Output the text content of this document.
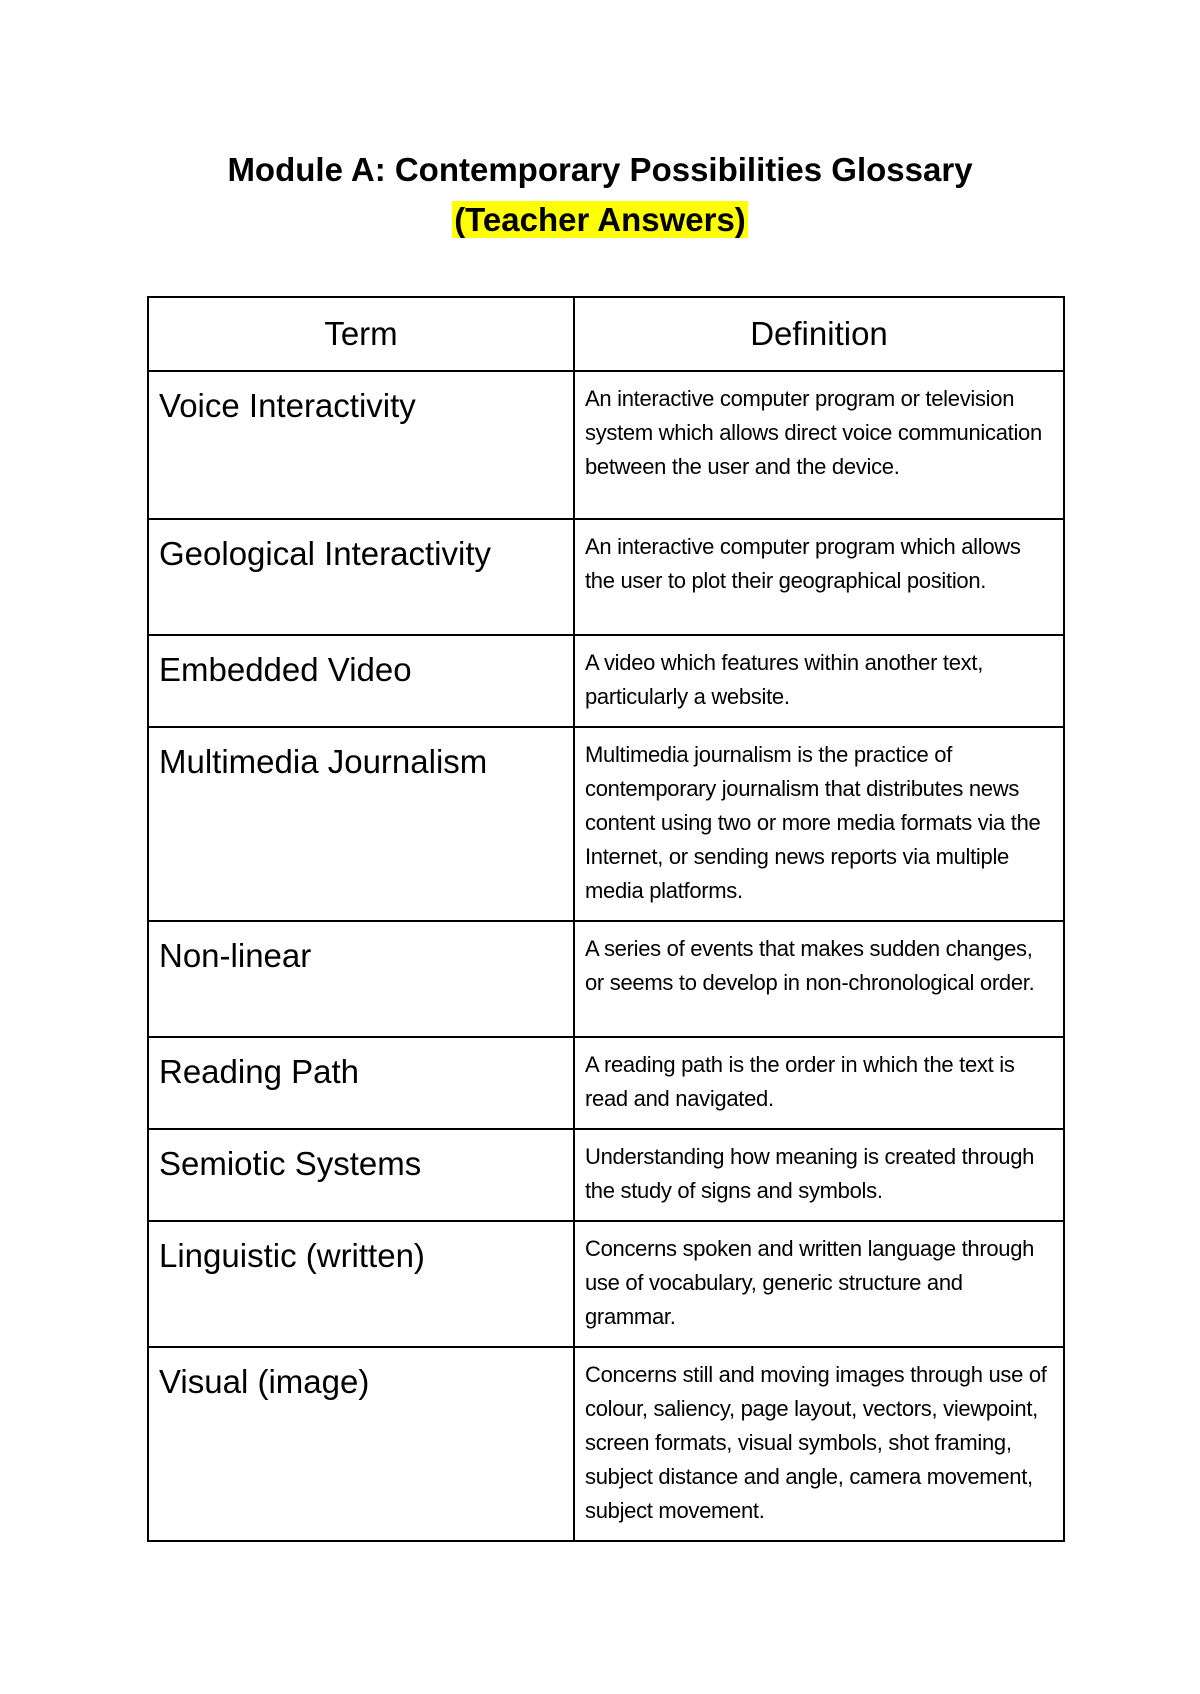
Module A: Contemporary Possibilities Glossary
(Teacher Answers)
Term	Definition
Voice Interactivity	An interactive computer program or television system which allows direct voice communication between the user and the device.
Geological Interactivity	An interactive computer program which allows the user to plot their geographical position.
Embedded Video	A video which features within another text, particularly a website.
Multimedia Journalism	Multimedia journalism is the practice of contemporary journalism that distributes news content using two or more media formats via the Internet, or sending news reports via multiple media platforms.
Non-linear	A series of events that makes sudden changes, or seems to develop in non-chronological order.
Reading Path	A reading path is the order in which the text is read and navigated.
Semiotic Systems	Understanding how meaning is created through the study of signs and symbols.
Linguistic (written)	Concerns spoken and written language through use of vocabulary, generic structure and grammar.
Visual (image)	Concerns still and moving images through use of colour, saliency, page layout, vectors, viewpoint, screen formats, visual symbols, shot framing, subject distance and angle, camera movement, subject movement.
